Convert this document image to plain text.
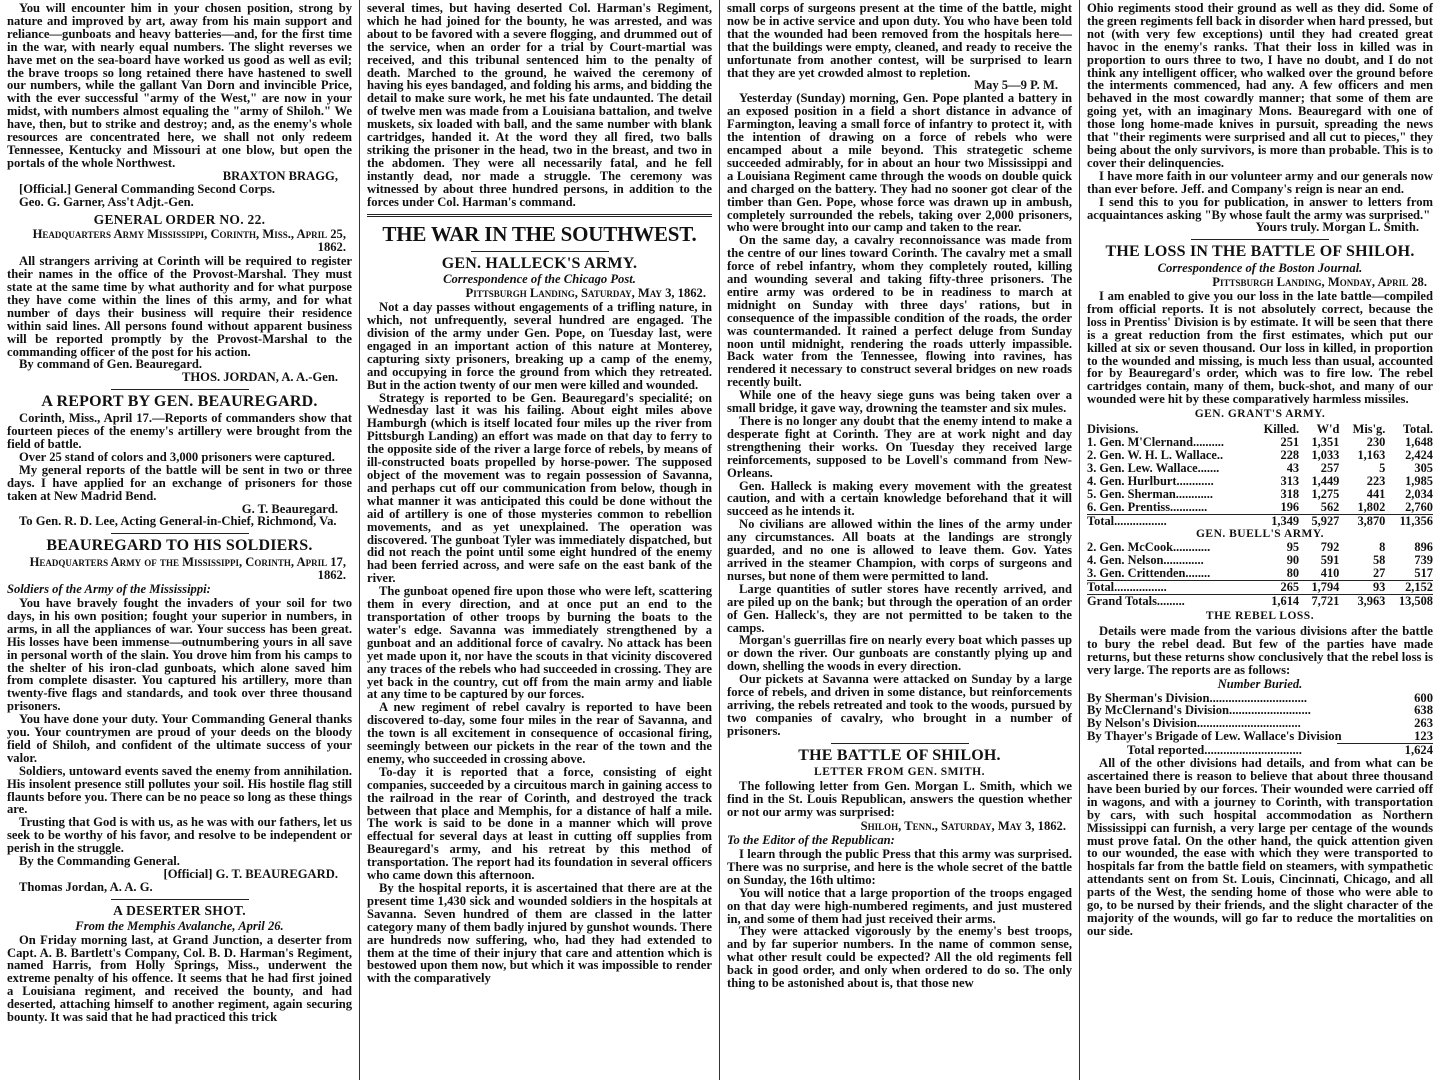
You will encounter him in your chosen position, strong by nature and improved by art, away from his main support and reliance—gunboats and heavy batteries—and, for the first time in the war, with nearly equal numbers. The slight reverses we have met on the sea-board have worked us good as well as evil; the brave troops so long retained there have hastened to swell our numbers, while the gallant Van Dorn and invincible Price, with the ever successful "army of the West," are now in your midst, with numbers almost equaling the "army of Shiloh." We have, then, but to strike and destroy; and, as the enemy's whole resources are concentrated here, we shall not only redeem Tennessee, Kentucky and Missouri at one blow, but open the portals of the whole Northwest.
BRAXTON BRAGG,
[Official.] General Commanding Second Corps.
Geo. G. Garner, Ass't Adjt.-Gen.
GENERAL ORDER NO. 22.
Headquarters Army Mississippi, Corinth, Miss., April 25, 1862.
All strangers arriving at Corinth will be required to register their names in the office of the Provost-Marshal. They must state at the same time by what authority and for what purpose they have come within the lines of this army, and for what number of days their business will require their residence within said lines. All persons found without apparent business will be reported promptly by the Provost-Marshal to the commanding officer of the post for his action.
By command of Gen. Beauregard.
THOS. JORDAN, A. A.-Gen.
A REPORT BY GEN. BEAUREGARD.
Corinth, Miss., April 17.—Reports of commanders show that fourteen pieces of the enemy's artillery were brought from the field of battle.
Over 25 stand of colors and 3,000 prisoners were captured.
My general reports of the battle will be sent in two or three days. I have applied for an exchange of prisoners for those taken at New Madrid Bend.
G. T. Beauregard.
To Gen. R. D. Lee, Acting General-in-Chief, Richmond, Va.
BEAUREGARD TO HIS SOLDIERS.
Headquarters Army of the Mississippi, Corinth, April 17, 1862.
Soldiers of the Army of the Mississippi:
You have bravely fought the invaders of your soil for two days, in his own position; fought your superior in numbers, in arms, in all the appliances of war. Your success has been great. His losses have been immense—outnumbering yours in all save in personal worth of the slain. You drove him from his camps to the shelter of his iron-clad gunboats, which alone saved him from complete disaster. You captured his artillery, more than twenty-five flags and standards, and took over three thousand prisoners.
You have done your duty. Your Commanding General thanks you. Your countrymen are proud of your deeds on the bloody field of Shiloh, and confident of the ultimate success of your valor.
Soldiers, untoward events saved the enemy from annihilation. His insolent presence still pollutes your soil. His hostile flag still flaunts before you. There can be no peace so long as these things are.
Trusting that God is with us, as he was with our fathers, let us seek to be worthy of his favor, and resolve to be independent or perish in the struggle.
By the Commanding General.
[Official] G. T. BEAUREGARD.
Thomas Jordan, A. A. G.
A DESERTER SHOT.
From the Memphis Avalanche, April 26.
On Friday morning last, at Grand Junction, a deserter from Capt. A. B. Bartlett's Company, Col. B. D. Harman's Regiment, named Harris, from Holly Springs, Miss., underwent the extreme penalty of his offence. It seems that he had first joined a Louisiana regiment, and received the bounty, and had deserted, attaching himself to another regiment, again securing bounty. It was said that he had practiced this trick
several times, but having deserted Col. Harman's Regiment, which he had joined for the bounty, he was arrested, and was about to be favored with a severe flogging, and drummed out of the service, when an order for a trial by Court-martial was received, and this tribunal sentenced him to the penalty of death. Marched to the ground, he waived the ceremony of having his eyes bandaged, and folding his arms, and bidding the detail to make sure work, he met his fate undaunted. The detail of twelve men was made from a Louisiana battalion, and twelve muskets, six loaded with ball, and the same number with blank cartridges, handed it. At the word they all fired, two balls striking the prisoner in the head, two in the breast, and two in the abdomen. They were all necessarily fatal, and he fell instantly dead, nor made a struggle. The ceremony was witnessed by about three hundred persons, in addition to the forces under Col. Harman's command.
THE WAR IN THE SOUTHWEST.
GEN. HALLECK'S ARMY.
Correspondence of the Chicago Post.
Pittsburgh Landing, Saturday, May 3, 1862.
Not a day passes without engagements of a trifling nature, in which, not unfrequently, several hundred are engaged. The division of the army under Gen. Pope, on Tuesday last, were engaged in an important action of this nature at Monterey, capturing sixty prisoners, breaking up a camp of the enemy, and occupying in force the ground from which they retreated. But in the action twenty of our men were killed and wounded.
Strategy is reported to be Gen. Beauregard's specialité; on Wednesday last it was his failing. About eight miles above Hamburgh (which is itself located four miles up the river from Pittsburgh Landing) an effort was made on that day to ferry to the opposite side of the river a large force of rebels, by means of ill-constructed boats propelled by horse-power. The supposed object of the movement was to regain possession of Savanna, and perhaps cut off our communication from below, though in what manner it was anticipated this could be done without the aid of artillery is one of those mysteries common to rebellion movements, and as yet unexplained. The operation was discovered. The gunboat Tyler was immediately dispatched, but did not reach the point until some eight hundred of the enemy had been ferried across, and were safe on the east bank of the river.
The gunboat opened fire upon those who were left, scattering them in every direction, and at once put an end to the transportation of other troops by burning the boats to the water's edge. Savanna was immediately strengthened by a gunboat and an additional force of cavalry. No attack has been yet made upon it, nor have the scouts in that vicinity discovered any traces of the rebels who had succeeded in crossing. They are yet back in the country, cut off from the main army and liable at any time to be captured by our forces.
A new regiment of rebel cavalry is reported to have been discovered to-day, some four miles in the rear of Savanna, and the town is all excitement in consequence of occasional firing, seemingly between our pickets in the rear of the town and the enemy, who succeeded in crossing above.
To-day it is reported that a force, consisting of eight companies, succeeded by a circuitous march in gaining access to the railroad in the rear of Corinth, and destroyed the track between that place and Memphis, for a distance of half a mile. The work is said to be done in a manner which will prove effectual for several days at least in cutting off supplies from Beauregard's army, and his retreat by this method of transportation. The report had its foundation in several officers who came down this afternoon.
By the hospital reports, it is ascertained that there are at the present time 1,430 sick and wounded soldiers in the hospitals at Savanna. Seven hundred of them are classed in the latter category many of them badly injured by gunshot wounds. There are hundreds now suffering, who, had they had extended to them at the time of their injury that care and attention which is bestowed upon them now, but which it was impossible to render with the comparatively
small corps of surgeons present at the time of the battle, might now be in active service and upon duty. You who have been told that the wounded had been removed from the hospitals here—that the buildings were empty, cleaned, and ready to receive the unfortunate from another contest, will be surprised to learn that they are yet crowded almost to repletion.
May 5—9 P. M.
Yesterday (Sunday) morning, Gen. Pope planted a battery in an exposed position in a field a short distance in advance of Farmington, leaving a small force of infantry to protect it, with the intention of drawing on a force of rebels who were encamped about a mile beyond. This strategetic scheme succeeded admirably, for in about an hour two Mississippi and a Louisiana Regiment came through the woods on double quick and charged on the battery. They had no sooner got clear of the timber than Gen. Pope, whose force was drawn up in ambush, completely surrounded the rebels, taking over 2,000 prisoners, who were brought into our camp and taken to the rear.
On the same day, a cavalry reconnoissance was made from the centre of our lines toward Corinth. The cavalry met a small force of rebel infantry, whom they completely routed, killing and wounding several and taking fifty-three prisoners. The entire army was ordered to be in readiness to march at midnight on Sunday with three days' rations, but in consequence of the impassible condition of the roads, the order was countermanded. It rained a perfect deluge from Sunday noon until midnight, rendering the roads utterly impassible. Back water from the Tennessee, flowing into ravines, has rendered it necessary to construct several bridges on new roads recently built.
While one of the heavy siege guns was being taken over a small bridge, it gave way, drowning the teamster and six mules.
There is no longer any doubt that the enemy intend to make a desperate fight at Corinth. They are at work night and day strengthening their works. On Tuesday they received large reinforcements, supposed to be Lovell's command from New-Orleans.
Gen. Halleck is making every movement with the greatest caution, and with a certain knowledge beforehand that it will succeed as he intends it.
No civilians are allowed within the lines of the army under any circumstances. All boats at the landings are strongly guarded, and no one is allowed to leave them. Gov. Yates arrived in the steamer Champion, with corps of surgeons and nurses, but none of them were permitted to land.
Large quantities of sutler stores have recently arrived, and are piled up on the bank; but through the operation of an order of Gen. Halleck's, they are not permitted to be taken to the camps.
Morgan's guerrillas fire on nearly every boat which passes up or down the river. Our gunboats are constantly plying up and down, shelling the woods in every direction.
Our pickets at Savanna were attacked on Sunday by a large force of rebels, and driven in some distance, but reinforcements arriving, the rebels retreated and took to the woods, pursued by two companies of cavalry, who brought in a number of prisoners.
THE BATTLE OF SHILOH.
LETTER FROM GEN. SMITH.
The following letter from Gen. Morgan L. Smith, which we find in the St. Louis Republican, answers the question whether or not our army was surprised:
Shiloh, Tenn., Saturday, May 3, 1862.
To the Editor of the Republican:
I learn through the public Press that this army was surprised. There was no surprise, and here is the whole secret of the battle on Sunday, the 16th ultimo:
You will notice that a large proportion of the troops engaged on that day were high-numbered regiments, and just mustered in, and some of them had just received their arms.
They were attacked vigorously by the enemy's best troops, and by far superior numbers. In the name of common sense, what other result could be expected? All the old regiments fell back in good order, and only when ordered to do so. The only thing to be astonished about is, that those new
Ohio regiments stood their ground as well as they did. Some of the green regiments fell back in disorder when hard pressed, but not (with very few exceptions) until they had created great havoc in the enemy's ranks. That their loss in killed was in proportion to ours three to two, I have no doubt, and I do not think any intelligent officer, who walked over the ground before the interments commenced, had any. A few officers and men behaved in the most cowardly manner; that some of them are going yet, with an imaginary Mons. Beauregard with one of those long home-made knives in pursuit, spreading the news that "their regiments were surprised and all cut to pieces," they being about the only survivors, is more than probable. This is to cover their delinquencies.
I have more faith in our volunteer army and our generals now than ever before. Jeff. and Company's reign is near an end.
I send this to you for publication, in answer to letters from acquaintances asking "By whose fault the army was surprised."
Yours truly. Morgan L. Smith.
THE LOSS IN THE BATTLE OF SHILOH.
Correspondence of the Boston Journal.
Pittsburgh Landing, Monday, April 28.
I am enabled to give you our loss in the late battle—compiled from official reports. It is not absolutely correct, because the loss in Prentiss' Division is by estimate. It will be seen that there is a great reduction from the first estimates, which put our killed at six or seven thousand. Our loss in killed, in proportion to the wounded and missing, is much less than usual, accounted for by Beauregard's order, which was to fire low. The rebel cartridges contain, many of them, buck-shot, and many of our wounded were hit by these comparatively harmless missiles.
GEN. GRANT'S ARMY.
Divisions.	Killed.	W'd	Mis'g.	Total.
1. Gen. M'Clernand..........	251	1,351	230	1,648
2. Gen. W. H. L. Wallace..	228	1,033	1,163	2,424
3. Gen. Lew. Wallace.......	43	257	5	305
4. Gen. Hurlburt............	313	1,449	223	1,985
5. Gen. Sherman............	318	1,275	441	2,034
6. Gen. Prentiss............	196	562	1,802	2,760
Total.................	1,349	5,927	3,870	11,356
GEN. BUELL'S ARMY.				
2. Gen. McCook............	95	792	8	896
4. Gen. Nelson.............	90	591	58	739
3. Gen. Crittenden........	80	410	27	517
Total.................	265	1,794	93	2,152
Grand Totals.........	1,614	7,721	3,963	13,508
THE REBEL LOSS.
Details were made from the various divisions after the battle to bury the rebel dead. But few of the parties have made returns, but these returns show conclusively that the rebel loss is very large. The reports are as follows:
Number Buried.
By Sherman's Division...............................	600
By McClernand's Division..........................	638
By Nelson's Division.................................	263
By Thayer's Brigade of Lew. Wallace's Division	123
Total reported...............................	1,624
All of the other divisions had details, and from what can be ascertained there is reason to believe that about three thousand have been buried by our forces. Their wounded were carried off in wagons, and with a journey to Corinth, with transportation by cars, with such hospital accommodation as Northern Mississippi can furnish, a very large per centage of the wounds must prove fatal. On the other hand, the quick attention given to our wounded, the ease with which they were transported to hospitals far from the battle field on steamers, with sympathetic attendants sent on from St. Louis, Cincinnati, Chicago, and all parts of the West, the sending home of those who were able to go, to be nursed by their friends, and the slight character of the majority of the wounds, will go far to reduce the mortalities on our side.
